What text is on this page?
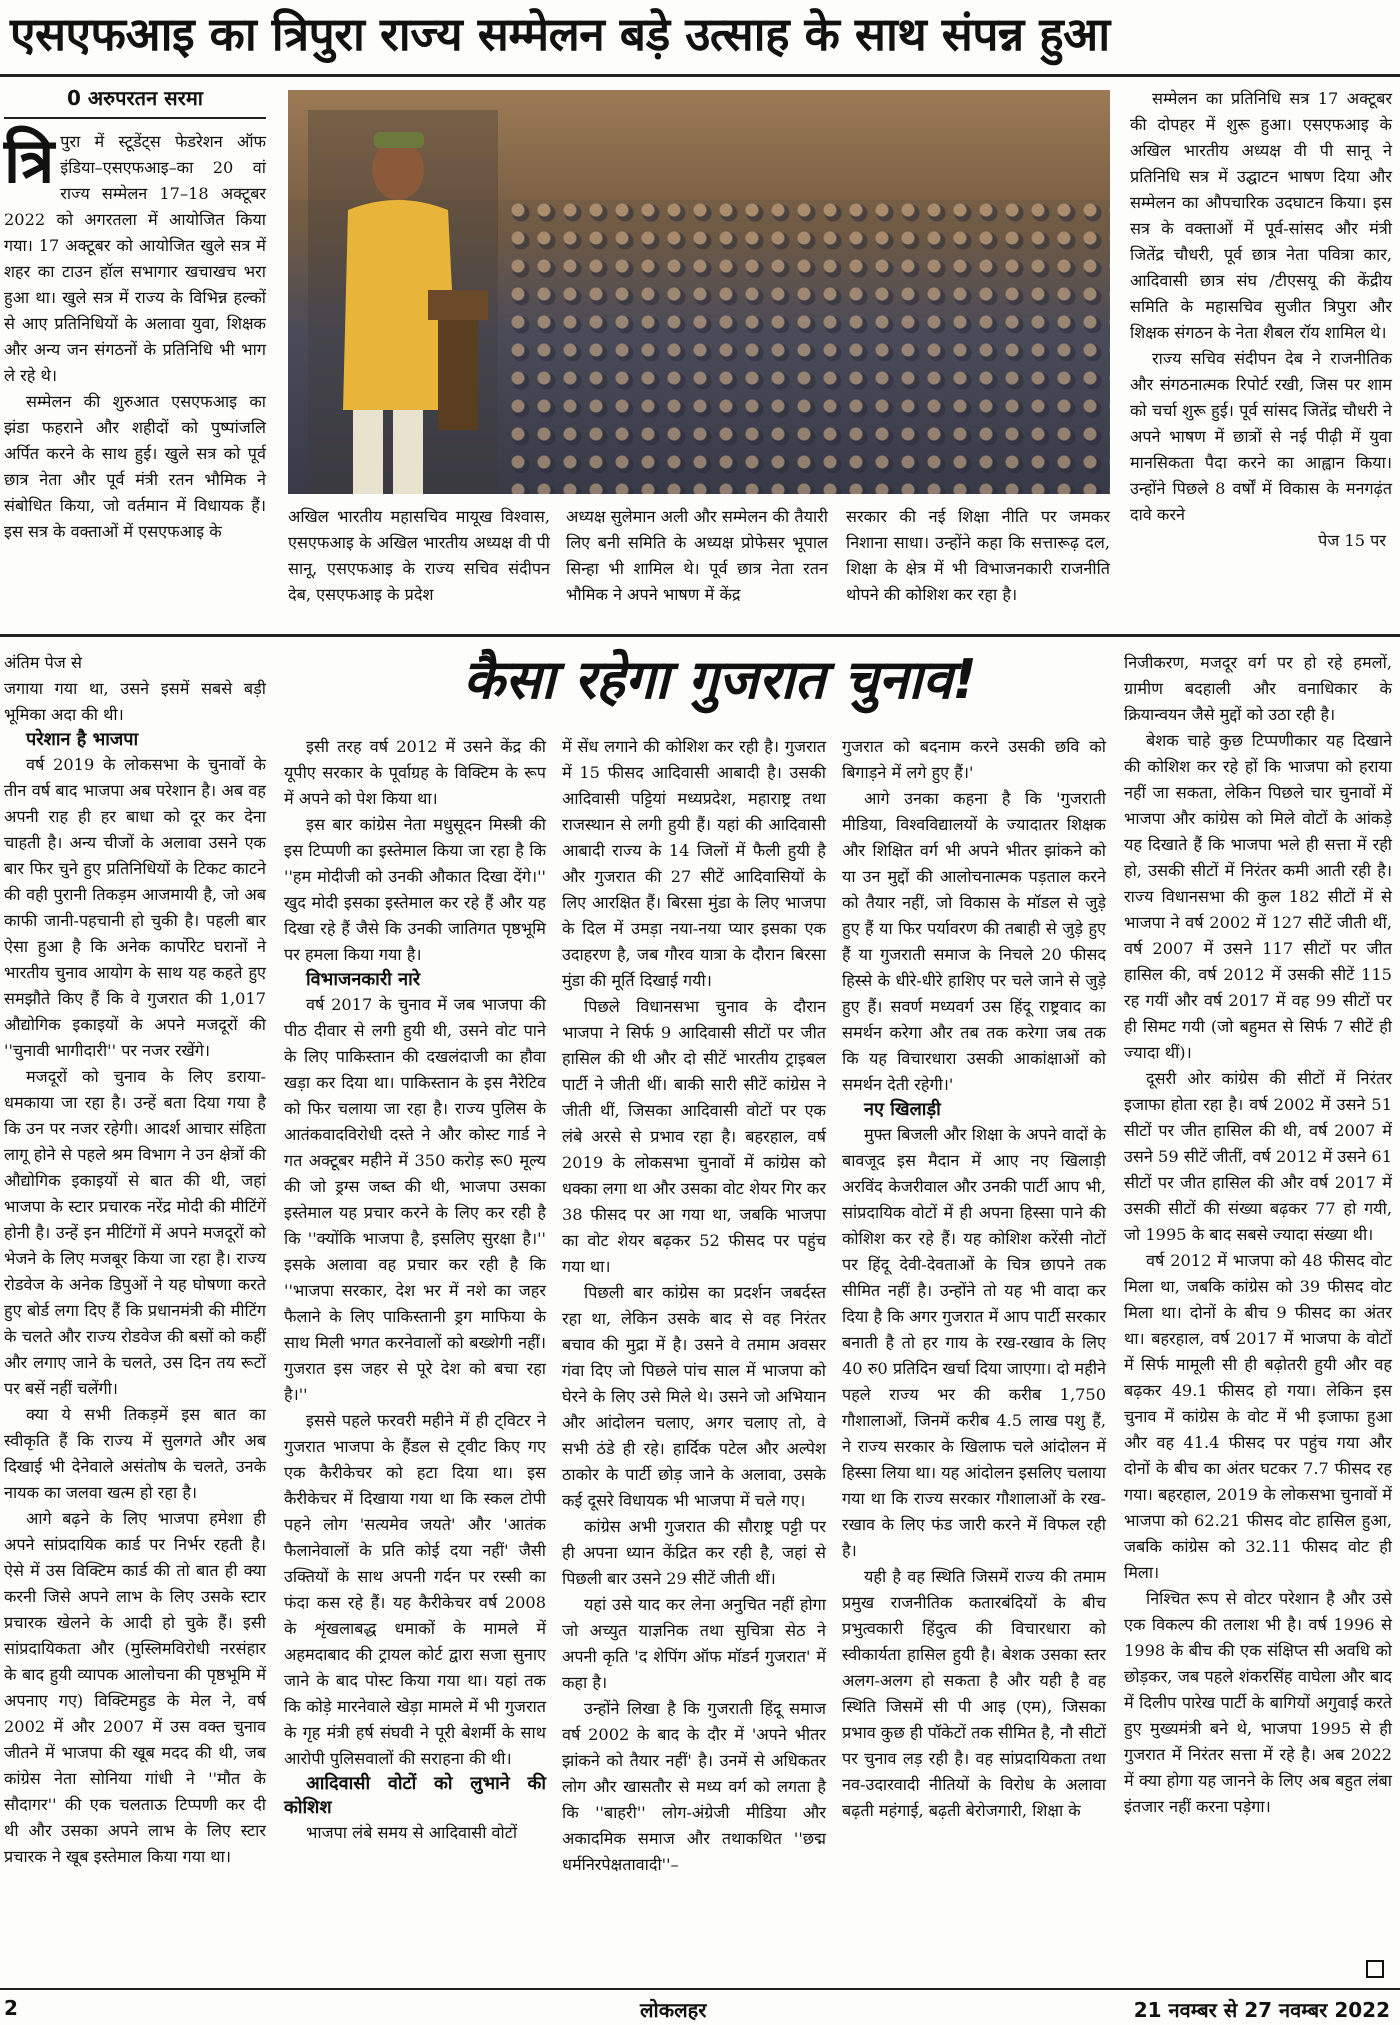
एसएफआइ का त्रिपुरा राज्य सम्मेलन बड़े उत्साह के साथ संपन्न हुआ
0 अरुपरतन सरमा
त्रि पुरा में स्टूडेंट्स फेडरेशन ऑफ इंडिया–एसएफआइ–का 20 वां राज्य सम्मेलन 17–18 अक्टूबर 2022 को अगरतला में आयोजित किया गया। 17 अक्टूबर को आयोजित खुले सत्र में शहर का टाउन हॉल सभागार खचाखच भरा हुआ था। खुले सत्र में राज्य के विभिन्न हल्कों से आए प्रतिनिधियों के अलावा युवा, शिक्षक और अन्य जन संगठनों के प्रतिनिधि भी भाग ले रहे थे।

सम्मेलन की शुरुआत एसएफआइ का झंडा फहराने और शहीदों को पुष्पांजलि अर्पित करने के साथ हुई। खुले सत्र को पूर्व छात्र नेता और पूर्व मंत्री रतन भौमिक ने संबोधित किया, जो वर्तमान में विधायक हैं। इस सत्र के वक्ताओं में एसएफआइ के

अखिल भारतीय महासचिव मायूख विश्वास, एसएफआइ के अखिल भारतीय अध्यक्ष वी पी सानू, एसएफआइ के राज्य सचिव संदीपन देब, एसएफआइ के प्रदेश

अध्यक्ष सुलेमान अली और सम्मेलन की तैयारी लिए बनी समिति के अध्यक्ष प्रोफेसर भूपाल सिन्हा भी शामिल थे। पूर्व छात्र नेता रतन भौमिक ने अपने भाषण में केंद्र

सरकार की नई शिक्षा नीति पर जमकर निशाना साधा। उन्होंने कहा कि सत्तारूढ़ दल, शिक्षा के क्षेत्र में भी विभाजनकारी राजनीति थोपने की कोशिश कर रहा है।

सम्मेलन का प्रतिनिधि सत्र 17 अक्टूबर की दोपहर में शुरू हुआ। एसएफआइ के अखिल भारतीय अध्यक्ष वी पी सानू ने प्रतिनिधि सत्र में उद्घाटन भाषण दिया और सम्मेलन का औपचारिक उदघाटन किया। इस सत्र के वक्ताओं में पूर्व-सांसद और मंत्री जितेंद्र चौधरी, पूर्व छात्र नेता पवित्रा कार, आदिवासी छात्र संघ /टीएसयू की केंद्रीय समिति के महासचिव सुजीत त्रिपुरा और शिक्षक संगठन के नेता शैबल रॉय शामिल थे।

राज्य सचिव संदीपन देब ने राजनीतिक और संगठनात्मक रिपोर्ट रखी, जिस पर शाम को चर्चा शुरू हुई। पूर्व सांसद जितेंद्र चौधरी ने अपने भाषण में छात्रों से नई पीढ़ी में युवा मानसिकता पैदा करने का आह्वान किया। उन्होंने पिछले 8 वर्षों में विकास के मनगढ़ंत दावे करने

पेज 15 पर
कैसा रहेगा गुजरात चुनाव!

अंतिम पेज से

जगाया गया था, उसने इसमें सबसे बड़ी भूमिका अदा की थी।

परेशान है भाजपा

वर्ष 2019 के लोकसभा के चुनावों के तीन वर्ष बाद भाजपा अब परेशान है। अब वह अपनी राह ही हर बाधा को दूर कर देना चाहती है। अन्य चीजों के अलावा उसने एक बार फिर चुने हुए प्रतिनिधियों के टिकट काटने की वही पुरानी तिकड़म आजमायी है, जो अब काफी जानी-पहचानी हो चुकी है। पहली बार ऐसा हुआ है कि अनेक कार्पोरेट घरानों ने भारतीय चुनाव आयोग के साथ यह कहते हुए समझौते किए हैं कि वे गुजरात की 1,017 औद्योगिक इकाइयों के अपने मजदूरों की ''चुनावी भागीदारी'' पर नजर रखेंगे।

मजदूरों को चुनाव के लिए डराया-धमकाया जा रहा है। उन्हें बता दिया गया है कि उन पर नजर रहेगी। आदर्श आचार संहिता लागू होने से पहले श्रम विभाग ने उन क्षेत्रों की औद्योगिक इकाइयों से बात की थी, जहां भाजपा के स्टार प्रचारक नरेंद्र मोदी की मीटिंगें होनी है। उन्हें इन मीटिंगों में अपने मजदूरों को भेजने के लिए मजबूर किया जा रहा है। राज्य रोडवेज के अनेक डिपुओं ने यह घोषणा करते हुए बोर्ड लगा दिए हैं कि प्रधानमंत्री की मीटिंग के चलते और राज्य रोडवेज की बसों को कहीं और लगाए जाने के चलते, उस दिन तय रूटों पर बसें नहीं चलेंगी।

क्या ये सभी तिकड़में इस बात का स्वीकृति हैं कि राज्य में सुलगते और अब दिखाई भी देनेवाले असंतोष के चलते, उनके नायक का जलवा खत्म हो रहा है।

आगे बढ़ने के लिए भाजपा हमेशा ही अपने सांप्रदायिक कार्ड पर निर्भर रहती है। ऐसे में उस विक्टिम कार्ड की तो बात ही क्या करनी जिसे अपने लाभ के लिए उसके स्टार प्रचारक खेलने के आदी हो चुके हैं। इसी सांप्रदायिकता और (मुस्लिमविरोधी नरसंहार के बाद हुयी व्यापक आलोचना की पृष्ठभूमि में अपनाए गए) विक्टिमहुड के मेल ने, वर्ष 2002 में और 2007 में उस वक्त चुनाव जीतने में भाजपा की खूब मदद की थी, जब कांग्रेस नेता सोनिया गांधी ने ''मौत के सौदागर'' की एक चलताऊ टिप्पणी कर दी थी और उसका अपने लाभ के लिए स्टार प्रचारक ने खूब इस्तेमाल किया गया था।

इसी तरह वर्ष 2012 में उसने केंद्र की यूपीए सरकार के पूर्वाग्रह के विक्टिम के रूप में अपने को पेश किया था।

इस बार कांग्रेस नेता मधुसूदन मिस्त्री की इस टिप्पणी का इस्तेमाल किया जा रहा है कि ''हम मोदीजी को उनकी औकात दिखा देंगे।'' खुद मोदी इसका इस्तेमाल कर रहे हैं और यह दिखा रहे हैं जैसे कि उनकी जातिगत पृष्ठभूमि पर हमला किया गया है।

विभाजनकारी नारे

वर्ष 2017 के चुनाव में जब भाजपा की पीठ दीवार से लगी हुयी थी, उसने वोट पाने के लिए पाकिस्तान की दखलंदाजी का हौवा खड़ा कर दिया था। पाकिस्तान के इस नैरेटिव को फिर चलाया जा रहा है। राज्य पुलिस के आतंकवादविरोधी दस्ते ने और कोस्ट गार्ड ने गत अक्टूबर महीने में 350 करोड़ रू0 मूल्य की जो ड्रग्स जब्त की थी, भाजपा उसका इस्तेमाल यह प्रचार करने के लिए कर रही है कि ''क्योंकि भाजपा है, इसलिए सुरक्षा है।'' इसके अलावा वह प्रचार कर रही है कि ''भाजपा सरकार, देश भर में नशे का जहर फैलाने के लिए पाकिस्तानी ड्रग माफिया के साथ मिली भगत करनेवालों को बख्शेगी नहीं। गुजरात इस जहर से पूरे देश को बचा रहा है।''

इससे पहले फरवरी महीने में ही ट्विटर ने गुजरात भाजपा के हैंडल से ट्वीट किए गए एक कैरीकेचर को हटा दिया था। इस कैरीकेचर में दिखाया गया था कि स्कल टोपी पहने लोग 'सत्यमेव जयते' और 'आतंक फैलानेवालों के प्रति कोई दया नहीं' जैसी उक्तियों के साथ अपनी गर्दन पर रस्सी का फंदा कस रहे हैं। यह कैरीकेचर वर्ष 2008 के शृंखलाबद्ध धमाकों के मामले में अहमदाबाद की ट्रायल कोर्ट द्वारा सजा सुनाए जाने के बाद पोस्ट किया गया था। यहां तक कि कोड़े मारनेवाले खेड़ा मामले में भी गुजरात के गृह मंत्री हर्ष संघवी ने पूरी बेशर्मी के साथ आरोपी पुलिसवालों की सराहना की थी।

आदिवासी वोटों को लुभाने की कोशिश

भाजपा लंबे समय से आदिवासी वोटों

में सेंध लगाने की कोशिश कर रही है। गुजरात में 15 फीसद आदिवासी आबादी है। उसकी आदिवासी पट्टियां मध्यप्रदेश, महाराष्ट्र तथा राजस्थान से लगी हुयी हैं। यहां की आदिवासी आबादी राज्य के 14 जिलों में फैली हुयी है और गुजरात की 27 सीटें आदिवासियों के लिए आरक्षित हैं। बिरसा मुंडा के लिए भाजपा के दिल में उमड़ा नया-नया प्यार इसका एक उदाहरण है, जब गौरव यात्रा के दौरान बिरसा मुंडा की मूर्ति दिखाई गयी।

पिछले विधानसभा चुनाव के दौरान भाजपा ने सिर्फ 9 आदिवासी सीटों पर जीत हासिल की थी और दो सीटें भारतीय ट्राइबल पार्टी ने जीती थीं। बाकी सारी सीटें कांग्रेस ने जीती थीं, जिसका आदिवासी वोटों पर एक लंबे अरसे से प्रभाव रहा है। बहरहाल, वर्ष 2019 के लोकसभा चुनावों में कांग्रेस को धक्का लगा था और उसका वोट शेयर गिर कर 38 फीसद पर आ गया था, जबकि भाजपा का वोट शेयर बढ़कर 52 फीसद पर पहुंच गया था।

पिछली बार कांग्रेस का प्रदर्शन जबर्दस्त रहा था, लेकिन उसके बाद से वह निरंतर बचाव की मुद्रा में है। उसने वे तमाम अवसर गंवा दिए जो पिछले पांच साल में भाजपा को घेरने के लिए उसे मिले थे। उसने जो अभियान और आंदोलन चलाए, अगर चलाए तो, वे सभी ठंडे ही रहे। हार्दिक पटेल और अल्पेश ठाकोर के पार्टी छोड़ जाने के अलावा, उसके कई दूसरे विधायक भी भाजपा में चले गए।

कांग्रेस अभी गुजरात की सौराष्ट्र पट्टी पर ही अपना ध्यान केंद्रित कर रही है, जहां से पिछली बार उसने 29 सीटें जीती थीं।

यहां उसे याद कर लेना अनुचित नहीं होगा जो अच्युत याज्ञनिक तथा सुचित्रा सेठ ने अपनी कृति 'द शेपिंग ऑफ मॉडर्न गुजरात' में कहा है।

उन्होंने लिखा है कि गुजराती हिंदू समाज वर्ष 2002 के बाद के दौर में 'अपने भीतर झांकने को तैयार नहीं' है। उनमें से अधिकतर लोग और खासतौर से मध्य वर्ग को लगता है कि ''बाहरी'' लोग-अंग्रेजी मीडिया और अकादमिक समाज और तथाकथित ''छद्म धर्मनिरपेक्षतावादी''–

गुजरात को बदनाम करने उसकी छवि को बिगाड़ने में लगे हुए हैं।'

आगे उनका कहना है कि 'गुजराती मीडिया, विश्वविद्यालयों के ज्यादातर शिक्षक और शिक्षित वर्ग भी अपने भीतर झांकने को या उन मुद्दों की आलोचनात्मक पड़ताल करने को तैयार नहीं, जो विकास के मॉडल से जुड़े हुए हैं या फिर पर्यावरण की तबाही से जुड़े हुए हैं या गुजराती समाज के निचले 20 फीसद हिस्से के धीरे-धीरे हाशिए पर चले जाने से जुड़े हुए हैं। सवर्ण मध्यवर्ग उस हिंदू राष्ट्रवाद का समर्थन करेगा और तब तक करेगा जब तक कि यह विचारधारा उसकी आकांक्षाओं को समर्थन देती रहेगी।'

नए खिलाड़ी

मुफ्त बिजली और शिक्षा के अपने वादों के बावजूद इस मैदान में आए नए खिलाड़ी अरविंद केजरीवाल और उनकी पार्टी आप भी, सांप्रदायिक वोटों में ही अपना हिस्सा पाने की कोशिश कर रहे हैं। यह कोशिश करेंसी नोटों पर हिंदू देवी-देवताओं के चित्र छापने तक सीमित नहीं है। उन्होंने तो यह भी वादा कर दिया है कि अगर गुजरात में आप पार्टी सरकार बनाती है तो हर गाय के रख-रखाव के लिए 40 रु0 प्रतिदिन खर्चा दिया जाएगा। दो महीने पहले राज्य भर की करीब 1,750 गौशालाओं, जिनमें करीब 4.5 लाख पशु हैं, ने राज्य सरकार के खिलाफ चले आंदोलन में हिस्सा लिया था। यह आंदोलन इसलिए चलाया गया था कि राज्य सरकार गौशालाओं के रख-रखाव के लिए फंड जारी करने में विफल रही है।

यही है वह स्थिति जिसमें राज्य की तमाम प्रमुख राजनीतिक कतारबंदियों के बीच प्रभुत्वकारी हिंदुत्व की विचारधारा को स्वीकार्यता हासिल हुयी है। बेशक उसका स्तर अलग-अलग हो सकता है और यही है वह स्थिति जिसमें सी पी आइ (एम), जिसका प्रभाव कुछ ही पॉकेटों तक सीमित है, नौ सीटों पर चुनाव लड़ रही है। वह सांप्रदायिकता तथा नव-उदारवादी नीतियों के विरोध के अलावा बढ़ती महंगाई, बढ़ती बेरोजगारी, शिक्षा के

निजीकरण, मजदूर वर्ग पर हो रहे हमलों, ग्रामीण बदहाली और वनाधिकार के क्रियान्वयन जैसे मुद्दों को उठा रही है।

बेशक चाहे कुछ टिप्पणीकार यह दिखाने की कोशिश कर रहे हों कि भाजपा को हराया नहीं जा सकता, लेकिन पिछले चार चुनावों में भाजपा और कांग्रेस को मिले वोटों के आंकड़े यह दिखाते हैं कि भाजपा भले ही सत्ता में रही हो, उसकी सीटों में निरंतर कमी आती रही है। राज्य विधानसभा की कुल 182 सीटों में से भाजपा ने वर्ष 2002 में 127 सीटें जीती थीं, वर्ष 2007 में उसने 117 सीटों पर जीत हासिल की, वर्ष 2012 में उसकी सीटें 115 रह गयीं और वर्ष 2017 में वह 99 सीटों पर ही सिमट गयी (जो बहुमत से सिर्फ 7 सीटें ही ज्यादा थीं)।

दूसरी ओर कांग्रेस की सीटों में निरंतर इजाफा होता रहा है। वर्ष 2002 में उसने 51 सीटों पर जीत हासिल की थी, वर्ष 2007 में उसने 59 सीटें जीतीं, वर्ष 2012 में उसने 61 सीटों पर जीत हासिल की और वर्ष 2017 में उसकी सीटों की संख्या बढ़कर 77 हो गयी, जो 1995 के बाद सबसे ज्यादा संख्या थी।

वर्ष 2012 में भाजपा को 48 फीसद वोट मिला था, जबकि कांग्रेस को 39 फीसद वोट मिला था। दोनों के बीच 9 फीसद का अंतर था। बहरहाल, वर्ष 2017 में भाजपा के वोटों में सिर्फ मामूली सी ही बढ़ोतरी हुयी और वह बढ़कर 49.1 फीसद हो गया। लेकिन इस चुनाव में कांग्रेस के वोट में भी इजाफा हुआ और वह 41.4 फीसद पर पहुंच गया और दोनों के बीच का अंतर घटकर 7.7 फीसद रह गया। बहरहाल, 2019 के लोकसभा चुनावों में भाजपा को 62.21 फीसद वोट हासिल हुआ, जबकि कांग्रेस को 32.11 फीसद वोट ही मिला।

निश्चित रूप से वोटर परेशान है और उसे एक विकल्प की तलाश भी है। वर्ष 1996 से 1998 के बीच की एक संक्षिप्त सी अवधि को छोड़कर, जब पहले शंकरसिंह वाघेला और बाद में दिलीप पारेख पार्टी के बागियों अगुवाई करते हुए मुख्यमंत्री बने थे, भाजपा 1995 से ही गुजरात में निरंतर सत्ता में रहे है। अब 2022 में क्या होगा यह जानने के लिए अब बहुत लंबा इंतजार नहीं करना पड़ेगा।

2	लोकलहर	21 नवम्बर से 27 नवम्बर 2022
